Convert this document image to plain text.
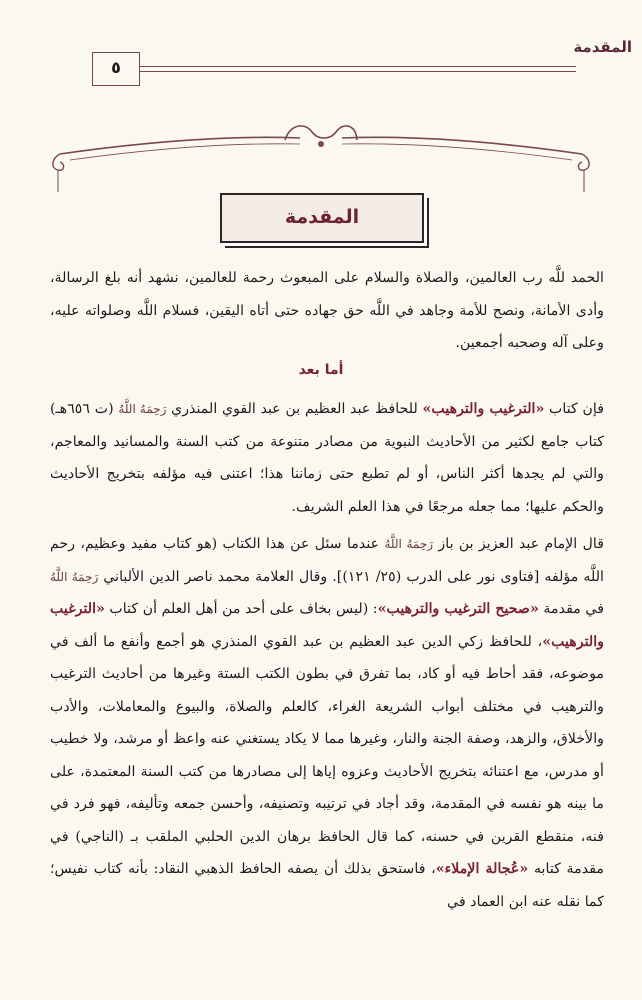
المقدمة
٥
المقدمة
الحمد للَّه رب العالمين، والصلاة والسلام على المبعوث رحمة للعالمين، نشهد أنه بلغ الرسالة، وأدى الأمانة، ونصح للأمة وجاهد في اللَّه حق جهاده حتى أتاه اليقين، فسلام اللَّه وصلواته عليه، وعلى آله وصحبه أجمعين.
أما بعد
فإن كتاب «الترغيب والترهيب» للحافظ عبد العظيم بن عبد القوي المنذري رَحِمَهُ اللَّهُ (ت ٦٥٦هـ) كتاب جامع لكثير من الأحاديث النبوية من مصادر متنوعة من كتب السنة والمسانيد والمعاجم، والتي لم يجدها أكثر الناس، أو لم تطبع حتى زماننا هذا؛ اعتنى فيه مؤلفه بتخريج الأحاديث والحكم عليها؛ مما جعله مرجعًا في هذا العلم الشريف.
قال الإمام عبد العزيز بن باز رَحِمَهُ اللَّهُ عندما سئل عن هذا الكتاب (هو كتاب مفيد وعظيم، رحم اللَّه مؤلفه [فتاوى نور على الدرب (٢٥/ ١٢١)]. وقال العلامة محمد ناصر الدين الألباني رَحِمَهُ اللَّهُ في مقدمة «صحيح الترغيب والترهيب»: (ليس بخاف على أحد من أهل العلم أن كتاب «الترغيب والترهيب»، للحافظ زكي الدين عبد العظيم بن عبد القوي المنذري هو أجمع وأنفع ما ألف في موضوعه، فقد أحاط فيه أو كاد، بما تفرق في بطون الكتب الستة وغيرها من أحاديث الترغيب والترهيب في مختلف أبواب الشريعة الغراء، كالعلم والصلاة، والبيوع والمعاملات، والأدب والأخلاق، والزهد، وصفة الجنة والنار، وغيرها مما لا يكاد يستغني عنه واعظ أو مرشد، ولا خطيب أو مدرس، مع اعتنائه بتخريج الأحاديث وعزوه إياها إلى مصادرها من كتب السنة المعتمدة، على ما بينه هو نفسه في المقدمة، وقد أجاد في ترتيبه وتصنيفه، وأحسن جمعه وتأليفه، فهو فرد في فنه، منقطع القرين في حسنه، كما قال الحافظ برهان الدين الحلبي الملقب بـ (الناجي) في مقدمة كتابه «عُجالة الإملاء»، فاستحق بذلك أن يصفه الحافظ الذهبي النقاد: بأنه كتاب نفيس؛ كما نقله عنه ابن العماد في
